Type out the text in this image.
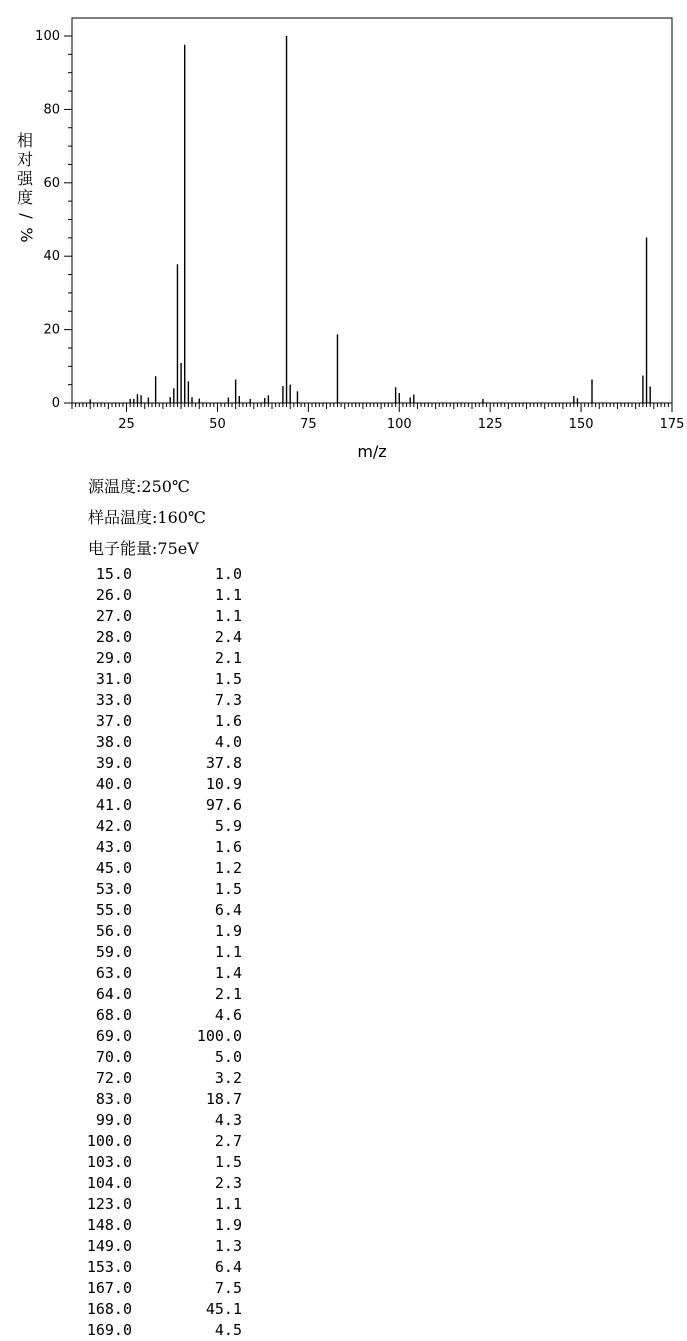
0
20
40
60
80
100
25	50	75	100	125	150	175
m/z
相
对
强
度
/
%
源温度:250℃
样品温度:160℃
电子能量:75eV
15.0	1.0
26.0	1.1
27.0	1.1
28.0	2.4
29.0	2.1
31.0	1.5
33.0	7.3
37.0	1.6
38.0	4.0
39.0	37.8
40.0	10.9
41.0	97.6
42.0	5.9
43.0	1.6
45.0	1.2
53.0	1.5
55.0	6.4
56.0	1.9
59.0	1.1
63.0	1.4
64.0	2.1
68.0	4.6
69.0	100.0
70.0	5.0
72.0	3.2
83.0	18.7
99.0	4.3
100.0	2.7
103.0	1.5
104.0	2.3
123.0	1.1
148.0	1.9
149.0	1.3
153.0	6.4
167.0	7.5
168.0	45.1
169.0	4.5
